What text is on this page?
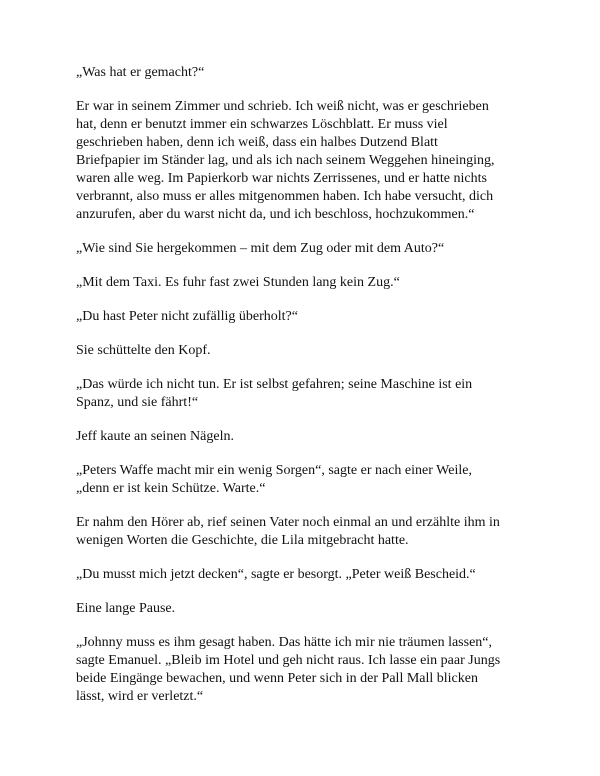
„Was hat er gemacht?“

Er war in seinem Zimmer und schrieb. Ich weiß nicht, was er geschrieben
hat, denn er benutzt immer ein schwarzes Löschblatt. Er muss viel
geschrieben haben, denn ich weiß, dass ein halbes Dutzend Blatt
Briefpapier im Ständer lag, und als ich nach seinem Weggehen hineinging,
waren alle weg. Im Papierkorb war nichts Zerrissenes, und er hatte nichts
verbrannt, also muss er alles mitgenommen haben. Ich habe versucht, dich
anzurufen, aber du warst nicht da, und ich beschloss, hochzukommen.“

„Wie sind Sie hergekommen – mit dem Zug oder mit dem Auto?“

„Mit dem Taxi. Es fuhr fast zwei Stunden lang kein Zug.“

„Du hast Peter nicht zufällig überholt?“

Sie schüttelte den Kopf.

„Das würde ich nicht tun. Er ist selbst gefahren; seine Maschine ist ein
Spanz, und sie fährt!“

Jeff kaute an seinen Nägeln.

„Peters Waffe macht mir ein wenig Sorgen“, sagte er nach einer Weile,
„denn er ist kein Schütze. Warte.“

Er nahm den Hörer ab, rief seinen Vater noch einmal an und erzählte ihm in
wenigen Worten die Geschichte, die Lila mitgebracht hatte.

„Du musst mich jetzt decken“, sagte er besorgt. „Peter weiß Bescheid.“

Eine lange Pause.

„Johnny muss es ihm gesagt haben. Das hätte ich mir nie träumen lassen“,
sagte Emanuel. „Bleib im Hotel und geh nicht raus. Ich lasse ein paar Jungs
beide Eingänge bewachen, und wenn Peter sich in der Pall Mall blicken
lässt, wird er verletzt.“
